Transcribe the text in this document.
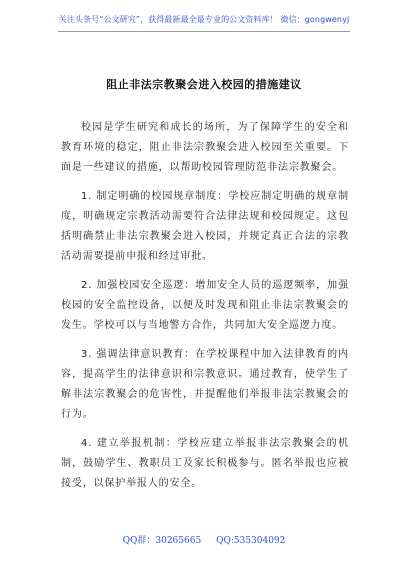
关注头条号“公文研究”，获得最新最全最专业的公文资料库！ 微信：gongwenyj
阻止非法宗教聚会进入校园的措施建议

校园是学生研究和成长的场所，为了保障学生的安全和教育环境的稳定，阻止非法宗教聚会进入校园至关重要。下面是一些建议的措施，以帮助校园管理防范非法宗教聚会。

1. 制定明确的校园规章制度：学校应制定明确的规章制度，明确规定宗教活动需要符合法律法规和校园规定。这包括明确禁止非法宗教聚会进入校园，并规定真正合法的宗教活动需要提前申报和经过审批。

2. 加强校园安全巡逻：增加安全人员的巡逻频率，加强校园的安全监控设备，以便及时发现和阻止非法宗教聚会的发生。学校可以与当地警方合作，共同加大安全巡逻力度。

3. 强调法律意识教育：在学校课程中加入法律教育的内容，提高学生的法律意识和宗教意识。通过教育，使学生了解非法宗教聚会的危害性，并提醒他们举报非法宗教聚会的行为。

4. 建立举报机制：学校应建立举报非法宗教聚会的机制，鼓励学生、教职员工及家长积极参与。匿名举报也应被接受，以保护举报人的安全。

QQ群：30265665 QQ:535304092
